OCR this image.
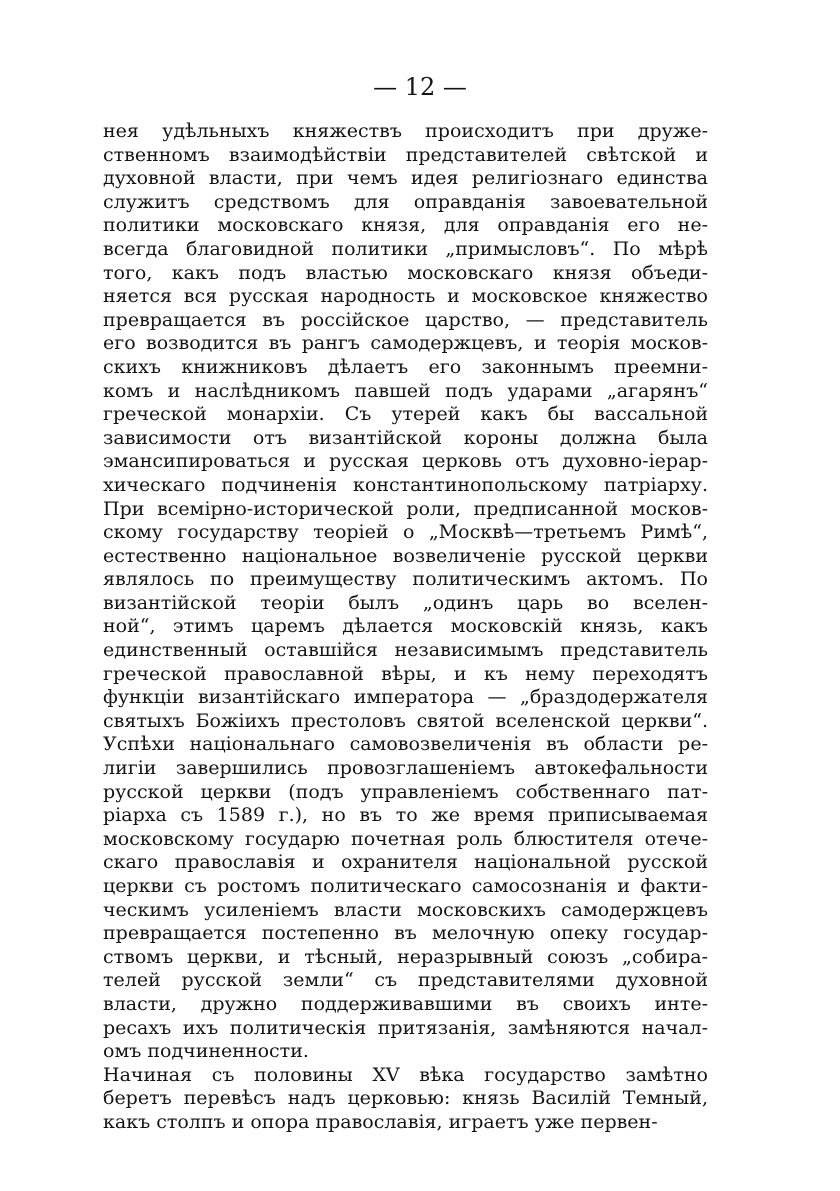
— 12 —
нея удѣльныхъ княжествъ происходитъ при друже-
ственномъ взаимодѣйствіи представителей свѣтской и
духовной власти, при чемъ идея религіознаго единства
служитъ средствомъ для оправданія завоевательной
политики московскаго князя, для оправданія его не-
всегда благовидной политики „примысловъ“. По мѣрѣ
того, какъ подъ властью московскаго князя объеди-
няется вся русская народность и московское княжество
превращается въ россійское царство, — представитель
его возводится въ рангъ самодержцевъ, и теорія москов-
скихъ книжниковъ дѣлаетъ его законнымъ преемни-
комъ и наслѣдникомъ павшей подъ ударами „агарянъ“
греческой монархіи. Съ утерей какъ бы вассальной
зависимости отъ византійской короны должна была
эмансипироваться и русская церковь отъ духовно-іерар-
хическаго подчиненія константинопольскому патріарху.
При всемірно-исторической роли, предписанной москов-
скому государству теоріей о „Москвѣ—третьемъ Римѣ“,
естественно національное возвеличеніе русской церкви
являлось по преимуществу политическимъ актомъ. По
византійской теоріи былъ „одинъ царь во вселен-
ной“, этимъ царемъ дѣлается московскій князь, какъ
единственный оставшійся независимымъ представитель
греческой православной вѣры, и къ нему переходятъ
функціи византійскаго императора — „браздодержателя
святыхъ Божіихъ престоловъ святой вселенской церкви“.
Успѣхи національнаго самовозвеличенія въ области ре-
лигіи завершились провозглашеніемъ автокефальности
русской церкви (подъ управленіемъ собственнаго пат-
ріарха съ 1589 г.), но въ то же время приписываемая
московскому государю почетная роль блюстителя отече-
скаго православія и охранителя національной русской
церкви съ ростомъ политическаго самосознанія и факти-
ческимъ усиленіемъ власти московскихъ самодержцевъ
превращается постепенно въ мелочную опеку государ-
ствомъ церкви, и тѣсный, неразрывный союзъ „собира-
телей русской земли“ съ представителями духовной
власти, дружно поддерживавшими въ своихъ инте-
ресахъ ихъ политическія притязанія, замѣняются начал-
омъ подчиненности.
Начиная съ половины XV вѣка государство замѣтно
беретъ перевѣсъ надъ церковью: князь Василій Темный,
какъ столпъ и опора православія, играетъ уже первен-
